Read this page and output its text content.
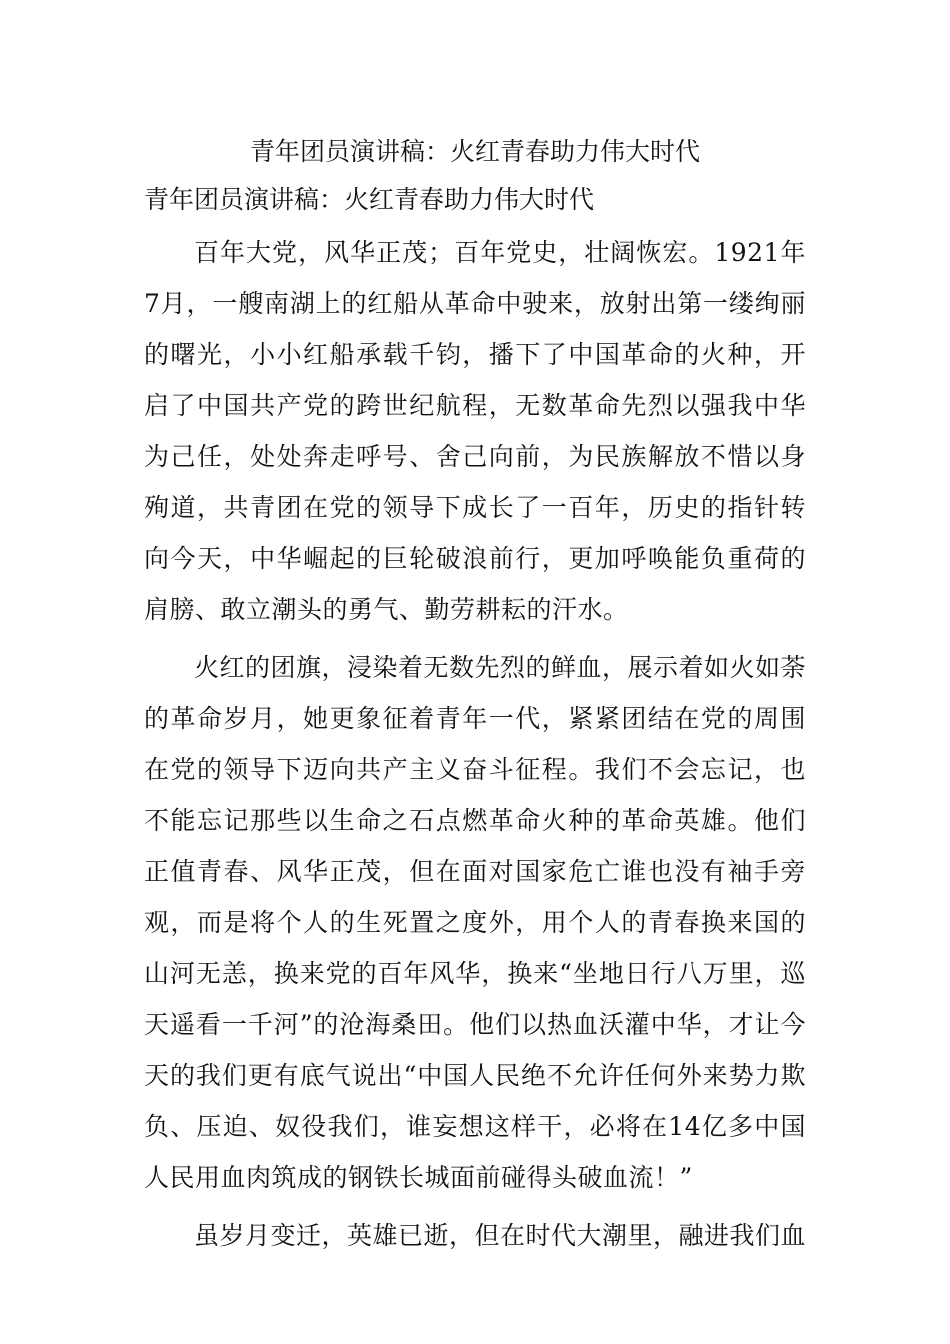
青年团员演讲稿：火红青春助力伟大时代
青年团员演讲稿：火红青春助力伟大时代

百年大党，风华正茂；百年党史，壮阔恢宏。1921年7月，一艘南湖上的红船从革命中驶来，放射出第一缕绚丽的曙光，小小红船承载千钧，播下了中国革命的火种，开启了中国共产党的跨世纪航程，无数革命先烈以强我中华为己任，处处奔走呼号、舍己向前，为民族解放不惜以身殉道，共青团在党的领导下成长了一百年，历史的指针转向今天，中华崛起的巨轮破浪前行，更加呼唤能负重荷的肩膀、敢立潮头的勇气、勤劳耕耘的汗水。

火红的团旗，浸染着无数先烈的鲜血，展示着如火如荼的革命岁月，她更象征着青年一代，紧紧团结在党的周围在党的领导下迈向共产主义奋斗征程。我们不会忘记，也不能忘记那些以生命之石点燃革命火种的革命英雄。他们正值青春、风华正茂，但在面对国家危亡谁也没有袖手旁观，而是将个人的生死置之度外，用个人的青春换来国的山河无恙，换来党的百年风华，换来“坐地日行八万里，巡天遥看一千河”的沧海桑田。他们以热血沃灌中华，才让今天的我们更有底气说出“中国人民绝不允许任何外来势力欺负、压迫、奴役我们，谁妄想这样干，必将在14亿多中国人民用血肉筑成的钢铁长城面前碰得头破血流！”

虽岁月变迁，英雄已逝，但在时代大潮里，融进我们血
